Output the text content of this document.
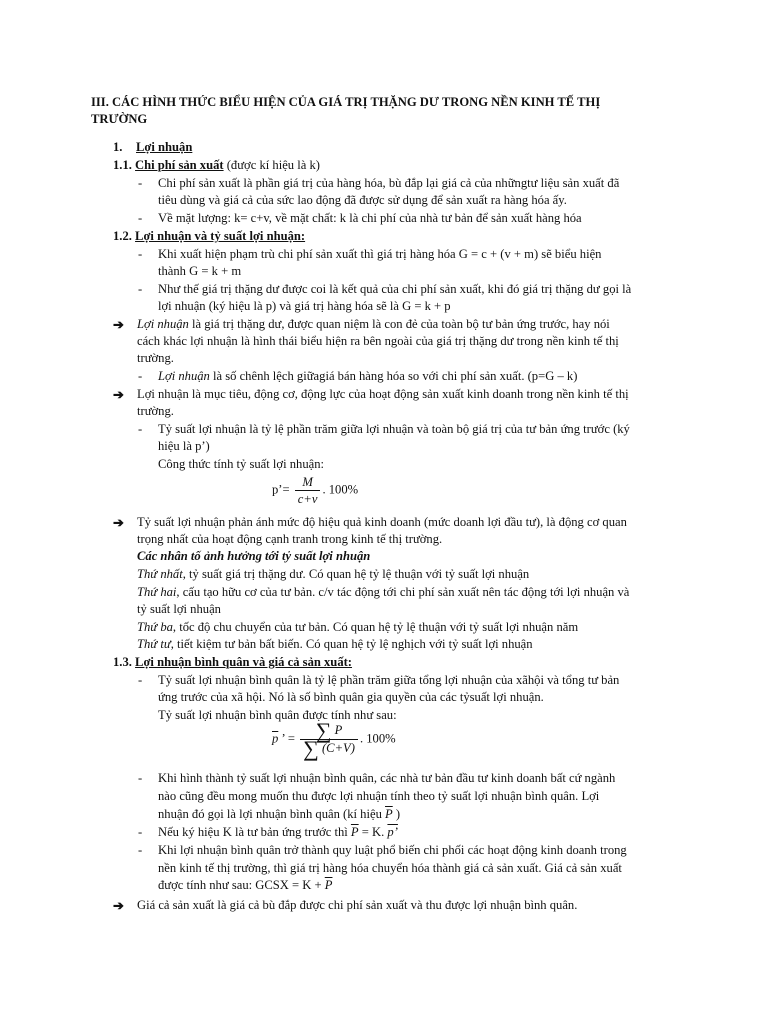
III. CÁC HÌNH THỨC BIỂU HIỆN CỦA GIÁ TRỊ THẶNG DƯ TRONG NỀN KINH TẾ THỊ
TRƯỜNG
1. Lợi nhuận
1.1. Chi phí sản xuất (được kí hiệu là k)
- Chi phí sản xuất là phần giá trị của hàng hóa, bù đắp lại giá cả của nhữngtư liệu sản xuất đã
tiêu dùng và giá cả của sức lao động đã được sử dụng để sản xuất ra hàng hóa ấy.
- Về mặt lượng: k= c+v, về mặt chất: k là chi phí của nhà tư bản để sản xuất hàng hóa
1.2. Lợi nhuận và tỷ suất lợi nhuận:
- Khi xuất hiện phạm trù chi phí sản xuất thì giá trị hàng hóa G = c + (v + m) sẽ biểu hiện
thành G = k + m
- Như thế giá trị thặng dư được coi là kết quả của chi phí sản xuất, khi đó giá trị thặng dư gọi là
lợi nhuận (ký hiệu là p) và giá trị hàng hóa sẽ là G = k + p
➔ Lợi nhuận là giá trị thặng dư, được quan niệm là con đẻ của toàn bộ tư bản ứng trước, hay nói
cách khác lợi nhuận là hình thái biểu hiện ra bên ngoài của giá trị thặng dư trong nền kinh tế thị
trường.
- Lợi nhuận là số chênh lệch giữagiá bán hàng hóa so với chi phí sản xuất. (p=G – k)
➔ Lợi nhuận là mục tiêu, động cơ, động lực của hoạt động sản xuất kinh doanh trong nền kinh tế thị
trường.
- Tỷ suất lợi nhuận là tỷ lệ phần trăm giữa lợi nhuận và toàn bộ giá trị của tư bản ứng trước (ký
hiệu là p’)
Công thức tính tỷ suất lợi nhuận:
p’= $\frac{M}{c+v}$ . 100%
➔ Tỷ suất lợi nhuận phản ánh mức độ hiệu quả kinh doanh (mức doanh lợi đầu tư), là động cơ quan
trọng nhất của hoạt động cạnh tranh trong kinh tế thị trường.
Các nhân tố ảnh hưởng tới tỷ suất lợi nhuận
Thứ nhất, tỷ suất giá trị thặng dư. Có quan hệ tỷ lệ thuận với tỷ suất lợi nhuận
Thứ hai, cấu tạo hữu cơ của tư bản. c/v tác động tới chi phí sản xuất nên tác động tới lợi nhuận và
tỷ suất lợi nhuận
Thứ ba, tốc độ chu chuyển của tư bản. Có quan hệ tỷ lệ thuận với tỷ suất lợi nhuận năm
Thứ tư, tiết kiệm tư bản bất biến. Có quan hệ tỷ lệ nghịch với tỷ suất lợi nhuận
1.3. Lợi nhuận bình quân và giá cả sản xuất:
- Tỷ suất lợi nhuận bình quân là tỷ lệ phần trăm giữa tổng lợi nhuận của xãhội và tổng tư bản
ứng trước của xã hội. Nó là số bình quân gia quyền của các tỷsuất lợi nhuận.
Tỷ suất lợi nhuận bình quân được tính như sau:
$\overline{p}$ ’ = $\frac{\sum P}{\sum (C+V)}$ . 100%
- Khi hình thành tỷ suất lợi nhuận bình quân, các nhà tư bản đầu tư kinh doanh bất cứ ngành
nào cũng đều mong muốn thu được lợi nhuận tính theo tỷ suất lợi nhuận bình quân. Lợi
nhuận đó gọi là lợi nhuận bình quân (kí hiệu $\overline{P}$ )
- Nếu ký hiệu K là tư bản ứng trước thì $\overline{P} = K$. p’
- Khi lợi nhuận bình quân trở thành quy luật phổ biến chi phối các hoạt động kinh doanh trong
nền kinh tế thị trường, thì giá trị hàng hóa chuyển hóa thành giá cả sản xuất. Giá cả sản xuất
được tính như sau: GCSX = $K + \overline{P}$
➔ Giá cả sản xuất là giá cả bù đắp được chi phí sản xuất và thu được lợi nhuận bình quân.
